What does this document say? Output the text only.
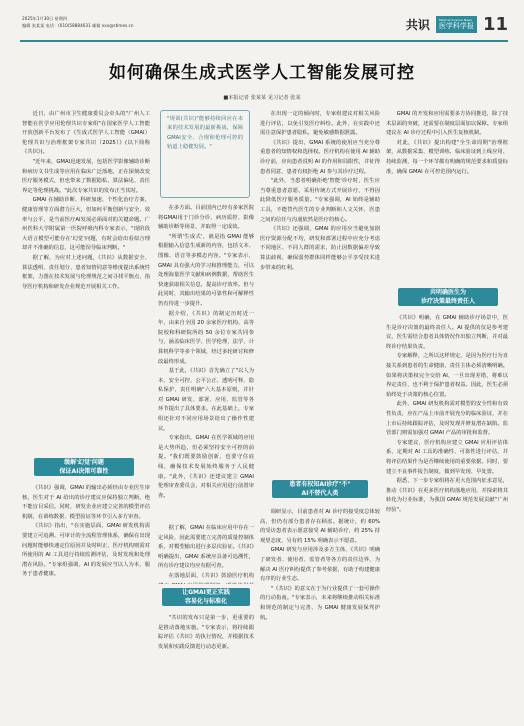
2025年1月30日 星期四
编辑 张某某 电话：(010)58884031 邮箱 xxx@stimes.cn	共识	Medical Science News
医学科学报 11
如何确保生成式医学人工智能发展可控
■本报记者 张某某 见习记者 张某

近日，由广州市卫生健康委员会牵头的"广州人工智能在医学应用伦理共识专家组"在国家医学人工智能开放创新平台发布了《生成式医学人工智能（GMAI）伦理共识与治理框架专家共识（2025）》(以下简称《共识》)。

"近年来，GMAI迅速发展，包括医学影像辅助诊断和病历文书生成等应用在临床广泛落地，正在深刻改变医疗服务模式，但也带来了数据隐私、算法偏见、责任界定等伦理挑战。"此次专家共识的发布正当其时。

GMAI 在辅助诊断、科研加速、个性化治疗方案、健康管理等方面潜力巨大，但如何平衡创新与安全、效率与公平，是当前医疗AI发展必须面对的关键命题。广州医科大学附属第一医院呼吸内科专家表示，"现阶段大语言模型可能存在'幻觉'问题，有时会给出看似合理却并不准确的信息，这可能误导临床判断。"

据了解，为应对上述问题，《共识》从数据安全、算法透明、责任划分、患者知情同意等维度提出系统性框架，力图在技术发展与伦理规范之间寻找平衡点，指导医疗机构和研发企业规范开展相关工作。

缓解'幻觉'问题
保证AI决策可靠性

《共识》强调，GMAI 的输出必须经由专业医生审核，医生对于 AI 给出的诊疗建议应保持独立判断，绝不能盲目采信。同时，研发企业应建立完善的模型评估机制，在训练数据、模型验证等环节引入多方审查。

《共识》指出，"在实施层面，GMAI 研发机构需要建立可追溯、可审计的全流程管理体系，确保在出现问题时能够快速定位原因并及时纠正，医疗机构则需对所使用的 AI 工具进行持续监测评估，及时发现和处理潜在风险。"专家组强调，AI 的发展应当以人为本，服务于患者健康。

"规训(共识)"能够持续回应在未来的技术发展的最新挑战，保障GMAI安全、合规和伦理可控的轨道上稳健发展。"

在多方面。目前国内已经有多家医院将GMAI用于门诊分诊、病历质控、影像辅助诊断等场景，并取得一定成效。

"所谓'生成式'，就是指 GMAI 能够根据输入信息生成新的内容，包括文本、图像、语音等多模态内容。"专家表示，GMAI 具有强大的学习和推理能力，可以处理海量医学文献和病例数据，帮助医生快速获取相关信息，提高诊疗效率。但与此同时，其输出结果的可靠性和可解释性仍有待进一步提升。

据介绍，《共识》的制定历时近一年，由来自全国 20 余家医疗机构、高等院校和科研院所的 50 余位专家共同参与，涵盖临床医学、医学伦理、法学、计算机科学等多个领域，经过多轮研讨和修改最终形成。

基于此，《共识》首先确立了"以人为本、安全可控、公平公正、透明可释、隐私保护、责任明确"六大基本原则，并针对 GMAI 研发、部署、应用、监管等各环节提出了具体要求。在此基础上，专家组还针对不同应用场景给出了操作性建议。

专家指出，GMAI 在医学领域的应用是大势所趋，但必须坚持安全可控的前提。"我们既要鼓励创新，也要守住底线，确保技术发展始终服务于人民健康。"此外，《共识》还建议建立 GMAI 伦理审查委员会，对相关应用进行前置审查。

让GMAI更正实践
容易化与标准化

"共识的发布只是第一步，更重要的是推动落地实施。"专家表示，将持续跟踪评估《共识》的执行情况，并根据技术发展和实践反馈进行动态更新。

在出现一定的倾向时，专家组建议对相关风险进行评估，以免引发医疗纠纷。此外，在实践中还需注意保护患者隐私，避免敏感数据泄露。

《共识》提出，GMAI 系统的使用应当充分尊重患者的知情权和选择权。医疗机构在使用 AI 辅助诊疗前，应向患者说明 AI 的作用和局限性，并征得患者同意，患者有权拒绝 AI 参与其诊疗过程。

"此外，当患者明确拒绝'智能'诊疗时，医生应当尊重患者意愿，采用传统方式开展诊疗，不得因此降低医疗服务质量。"专家强调，AI 始终是辅助工具，不能替代医生的专业判断和人文关怀，医患之间的信任与沟通依然是医疗的核心。

《共识》还强调，GMAI 的应用应当避免加剧医疗资源分配不均，研发和部署过程中应充分考虑不同地区、不同人群的需求，防止因数据偏差导致算法歧视，确保弱势群体同样能够公平享受技术进步带来的红利。

患者有权知AI诊疗"不"
AI不替代人类

调研显示，目前患者对 AI 诊疗的接受度总体较高，但仍有部分患者存在顾虑。据统计，约 60% 的受访患者表示愿意接受 AI 辅助诊疗，约 25% 持观望态度，另有约 15% 明确表示不愿意。

GMAI 研发与应用涉及多方主体，《共识》明确了研发者、使用者、监管者等各方的责任边界，为解决 AI 医疗纠纷提供了参考依据，有助于构建健康有序的行业生态。

"《共识》的意义在于为行业提供了一套可操作的行动指南。"专家表示，未来将继续推动相关标准和规范的制定与完善，为 GMAI 健康发展保驾护航。

GMAI 的开发和应用需要多方协同推进，除了技术层面的突破，还需要在制度层面加以保障。专家组建议在 AI 诊疗过程中引入医生复核机制。

对此，《共识》提出构建"全生命周期"治理框架，从数据采集、模型训练、临床验证到上线应用、持续监测，每一个环节都有明确的规范要求和质量标准，确保 GMAI 在可控范围内运行。

共明确医生为
诊疗决策最终责任人

《共识》明确，在 GMAI 辅助诊疗场景中，医生是诊疗决策的最终责任人。AI 提供的仅是参考建议，医生需结合患者具体情况作出独立判断，并对最终诊疗结果负责。

专家解释，之所以这样规定，是因为医疗行为直接关系到患者的生命健康，责任主体必须清晰明确。如果将决策权完全交给 AI，一旦出现差错，将难以界定责任，也不利于保护患者权益。因此，医生必须始终处于决策的核心位置。

此外，GMAI 研发机构需对模型的安全性和有效性负责，应在产品上市前开展充分的临床验证，并在上市后持续跟踪评估，及时发现并修复潜在缺陷。监管部门则需加强对 GMAI 产品的审批和监督。

专家建议，医疗机构应建立 GMAI 应用评估体系，定期对 AI 工具的准确性、可靠性进行评估，并将评估结果作为是否继续使用的重要依据。同时，要建立不良事件报告制度，做到早发现、早处置。

据悉，下一步专家组将在更大范围内征求意见，推动《共识》在更多医疗机构落地应用，并探索将其转化为行业标准，为我国 GMAI 规范发展贡献"广州经验"。

据了解，GMAI 在临床应用中存在一定风险，因此需要建立完善的质量控制体系，对模型输出进行多层次验证。《共识》明确提出，GMAI 系统应具备可追溯性，所有诊疗建议均应有据可查。

在落地层面，《共识》鼓励医疗机构
